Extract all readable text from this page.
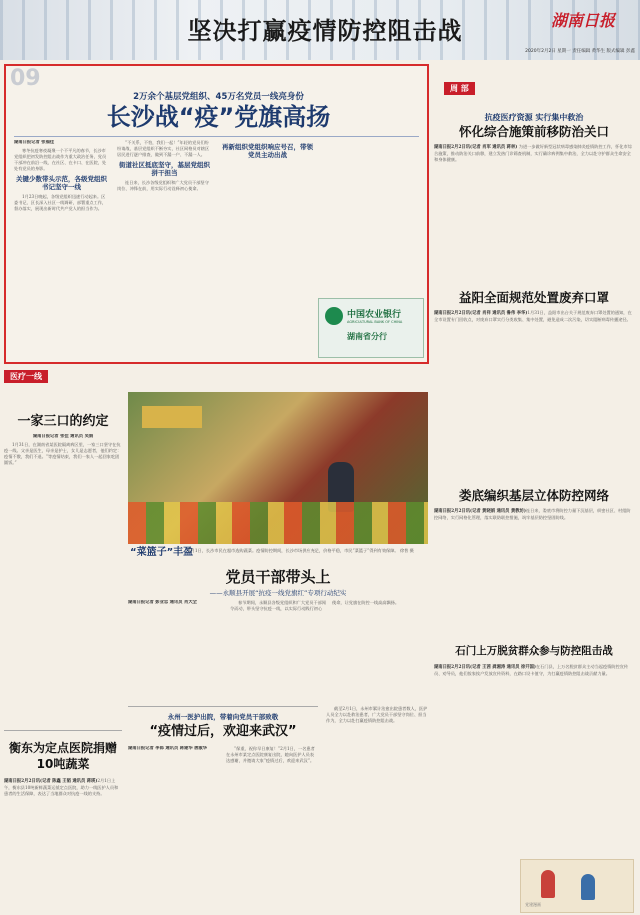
坚决打赢疫情防控阻击战	湖南日报
2020年2月2日 星期一 责任编辑 黄华生 版式编辑 彭鑫
09
2万余个基层党组织、45万名党员一线亮身份
长沙战“疫”党旗高扬
湖南日报记者 张福佳

寒冬抗疫寒夜凝聚一个不平凡的春节，长沙市党组织把初发防控阻击战作为重大政治任务，党员干部冲在前沿一线，在社区、在卡口、在医院，处处有党员的身影。

关键少数带头示范，各级党组织书记坚守一线

1月23日晚起，各级党组织迅速行动起来。区委书记、区长深入社区一线调研，部署重点工作，督办落实，展现出新时代共产党人的担当作为。

“不关系，不怕，我们一起！”年轻的党员们纷纷请战，基层党组织不断夯实，社区网格员对辖区居民进行逐户排查，做到不漏一户、不漏一人。

街道社区抵底坚守，基层党组织拼干担当

连日来，长沙各级党组织和广大党员干部坚守岗位、冲锋在前，用实际行动诠释初心使命。

再新组织党组织响应号召，带领党员主动出战
中国农业银行
AGRICULTURAL BANK OF CHINA
湖南省分行
周 部
抗疫医疗资源 实行集中救治
怀化综合施策前移防治关口
湖南日报2月2日讯(记者 肖军 通讯员 蒋林) 为进一步做好新型冠状病毒感染肺炎疫情防控工作，怀化市综合施策，推动防治关口前移，建立发热门诊筛查机制，实行确诊病例集中救治，全力以赴守护群众生命安全和身体健康。
益阳全面规范处置废弃口罩
湖南日报2月2日讯(记者 肖祥 通讯员 鲁伟 李华)1月31日，益阳市出台关于规范废弃口罩处置的通知，在全市设置专门回收点，对废弃口罩实行分类收集、集中处置，避免造成二次污染，切实阻断病毒传播途径。
娄底编织基层立体防控网络
湖南日报2月2日讯(记者 黄晓娟 通讯员 黄教坊)连日来，娄底市将防控力量下沉基层，织密社区、村组防控网络，实行网格化管理，落实联防联控措施，筑牢基层防控坚固防线。
石门上万脱贫群众参与防控阻击战
湖南日报2月2日讯(记者 王茜 龚湘涛 通讯员 徐开国)在石门县，上万名脱贫群众主动当起疫情防控宣传员、劝导员，他们挨家挨户发放宣传资料，在路口设卡值守，为打赢疫情防控阻击战贡献力量。
党建漫画
医疗一线
一家三口的约定
湖南日报记者 张佳 通讯员 吴娟

1月31日，在湖南省某医院隔离病区里，一家三口坚守在抗疫一线。父亲是医生，母亲是护士，女儿是志愿者，他们约定：疫情不散，我们不退。“等疫情结束，我们一家人一起回家吃团圆饭。”

衡东为定点医院捐赠10吨蔬菜
湖南日报2月2日讯(记者 陈鑫 王韬 通讯员 蒋瑛)2月1日上午，衡东县10吨新鲜蔬菜运抵定点医院，助力一线医护人员和患者的生活保障，表达了当地群众对抗疫一线的支持。
“菜篮子”丰盈
2月1日，长沙市民在超市选购蔬菜。疫情防控期间，长沙市场供应充足，价格平稳，市民“菜篮子”得到有效保障。 徐普 摄
党员干部带头上
——永顺县开展“抗疫一线党旗红”专项行动纪实
湖南日报记者 彭业忠 通讯员 肖大全	春节期间，永顺县各级党组织和广大党员干部闻令而动，带头坚守抗疫一线，以实际行动践行初心使命，让党旗在防控一线高高飘扬。

永州一医护出院，带着向党员干部致敬
“疫情过后，欢迎来武汉”
湖南日报记者 李郎 通讯员 蒋建华 唐淑华	“保重，祝你早日康复！”2月1日，一名患者在永州市某定点医院康复出院，她向医护人员表达感谢，并邀请大家“疫情过后，欢迎来武汉”。

截至2月1日，永州市累计治愈出院患者数人，医护人员全力以赴救治患者，广大党员干部坚守岗位、担当作为，全力以赴打赢疫情防控阻击战。
